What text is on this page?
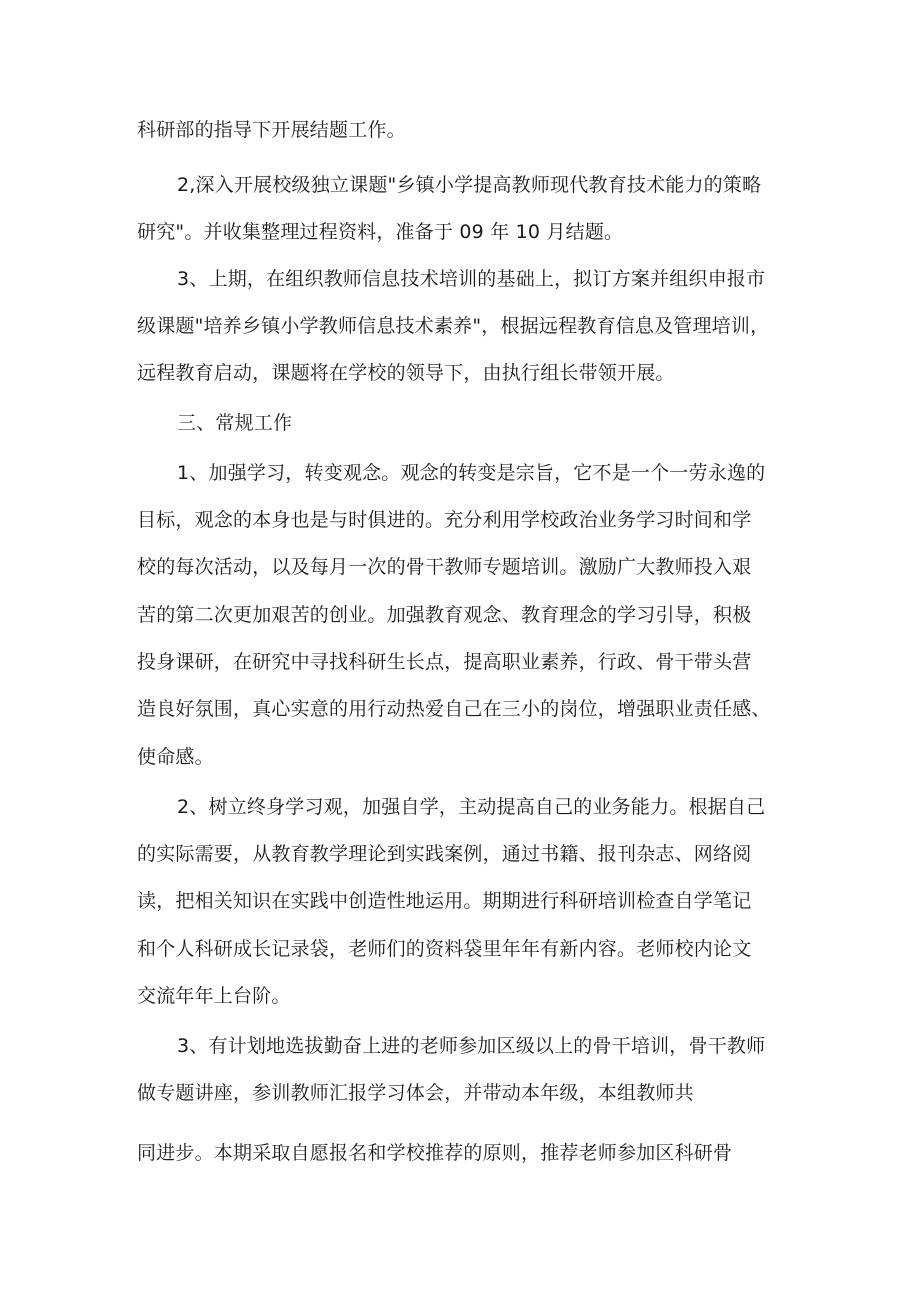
科研部的指导下开展结题工作。
2,深入开展校级独立课题"乡镇小学提高教师现代教育技术能力的策略
研究"。并收集整理过程资料，准备于 09 年 10 月结题。
3、上期，在组织教师信息技术培训的基础上，拟订方案并组织申报市
级课题"培养乡镇小学教师信息技术素养"，根据远程教育信息及管理培训，
远程教育启动，课题将在学校的领导下，由执行组长带领开展。
三、常规工作
1、加强学习，转变观念。观念的转变是宗旨，它不是一个一劳永逸的
目标，观念的本身也是与时俱进的。充分利用学校政治业务学习时间和学
校的每次活动，以及每月一次的骨干教师专题培训。激励广大教师投入艰
苦的第二次更加艰苦的创业。加强教育观念、教育理念的学习引导，积极
投身课研，在研究中寻找科研生长点，提高职业素养，行政、骨干带头营
造良好氛围，真心实意的用行动热爱自己在三小的岗位，增强职业责任感、
使命感。
2、树立终身学习观，加强自学，主动提高自己的业务能力。根据自己
的实际需要，从教育教学理论到实践案例，通过书籍、报刊杂志、网络阅
读，把相关知识在实践中创造性地运用。期期进行科研培训检查自学笔记
和个人科研成长记录袋，老师们的资料袋里年年有新内容。老师校内论文
交流年年上台阶。
3、有计划地选拔勤奋上进的老师参加区级以上的骨干培训，骨干教师
做专题讲座，参训教师汇报学习体会，并带动本年级，本组教师共
同进步。本期采取自愿报名和学校推荐的原则，推荐老师参加区科研骨
